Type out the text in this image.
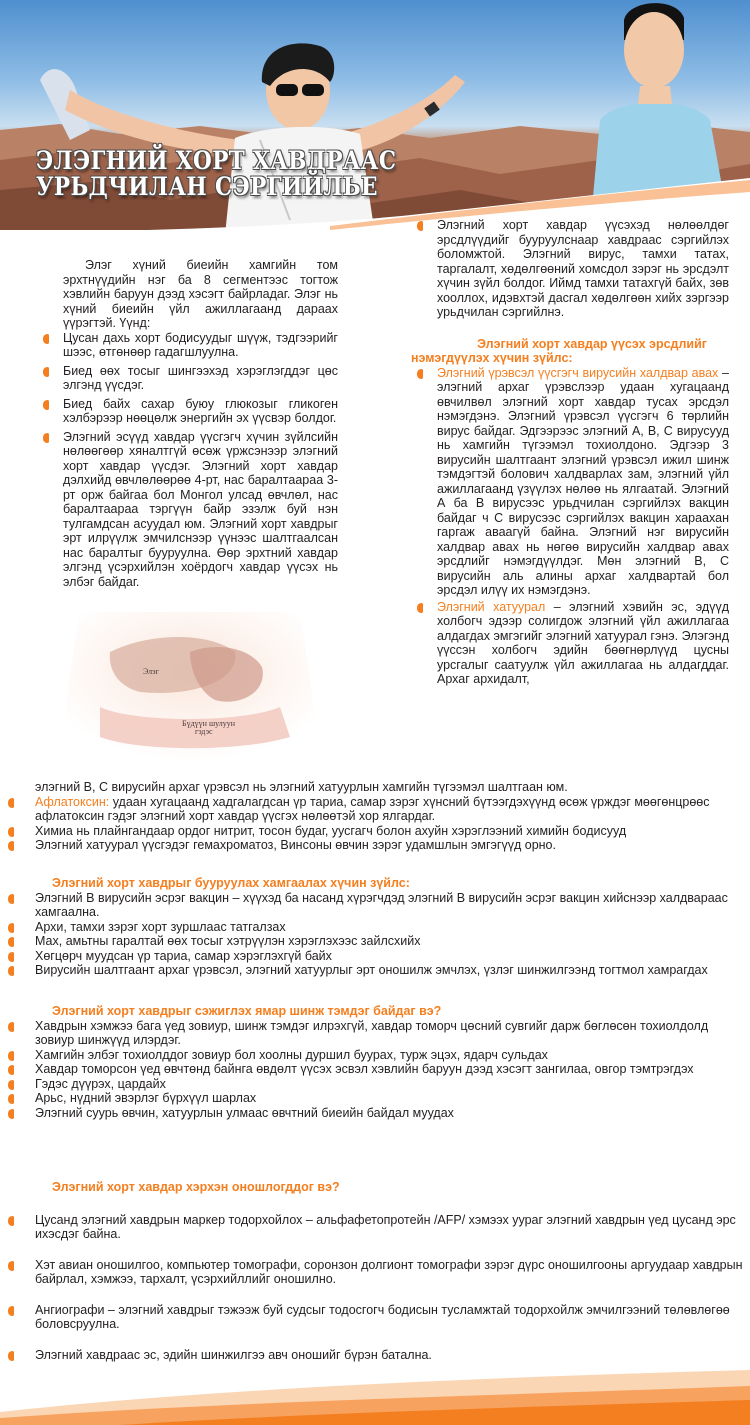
ЭЛЭГНИЙ ХОРТ ХАВДРААС
УРЬДЧИЛАН СЭРГИЙЛЬЕ

Элэг хүний биеийн хамгийн том эрхтнүүдийн нэг ба 8 сегментээс тогтож хэвлийн баруун дээд хэсэгт байрладаг. Элэг нь хүний биеийн үйл ажиллагаанд дараах үүрэгтэй. Үүнд:

Цусан дахь хорт бодисуудыг шүүж, тэдгээрийг шээс, өтгөнөөр гадагшлуулна.
Биед өөх тосыг шингээхэд хэрэглэгддэг цөс элгэнд үүсдэг.
Биед байх сахар буюу глюкозыг гликоген хэлбэрээр нөөцөлж энергийн эх үүсвэр болдог.
Элэгний эсүүд хавдар үүсгэгч хүчин зүйлсийн нөлөөгөөр хяналтгүй өсөж үржсэнээр элэгний хорт хавдар үүсдэг. Элэгний хорт хавдар дэлхийд өвчлөлөөрөө 4-рт, нас баралтаараа 3-рт орж байгаа бол Монгол улсад өвчлөл, нас баралтаараа тэргүүн байр эзэлж буй нэн тулгамдсан асуудал юм. Элэгний хорт хавдрыг эрт илрүүлж эмчилснээр үүнээс шалтгаалсан нас баралтыг бууруулна. Өөр эрхтний хавдар элгэнд үсэрхийлэн хоёрдогч хавдар үүсэх нь элбэг байдаг.
Элэг
Бүдүүн шулуун
гэдэс
Элэгний хорт хавдар үүсэхэд нөлөөлдөг эрсдлүүдийг бууруулснаар хавдраас сэргийлэх боломжтой. Элэгний вирус, тамхи татах, таргалалт, хөдөлгөөний хомсдол зэрэг нь эрсдэлт хүчин зүйл болдог. Иймд тамхи татахгүй байх, зөв хооллох, идэвхтэй дасгал хөдөлгөөн хийх зэргээр урьдчилан сэргийлнэ.
Элэгний хорт хавдар үүсэх эрсдлийг
нэмэгдүүлэх хүчин зүйлс:
Элэгний үрэвсэл үүсгэгч вирусийн халдвар авах – элэгний архаг үрэвслээр удаан хугацаанд өвчилвөл элэгний хорт хавдар тусах эрсдэл нэмэгдэнэ. Элэгний үрэвсэл үүсгэгч 6 төрлийн вирус байдаг. Эдгээрээс элэгний А, В, С вирусууд нь хамгийн түгээмэл тохиолдоно. Эдгээр 3 вирусийн шалтгаант элэгний үрэвсэл ижил шинж тэмдэгтэй болович халдварлах зам, элэгний үйл ажиллагаанд үзүүлэх нөлөө нь ялгаатай. Элэгний А ба В вирусээс урьдчилан сэргийлэх вакцин байдаг ч С вирусээс сэргийлэх вакцин хараахан гаргаж аваагүй байна. Элэгний нэг вирусийн халдвар авах нь нөгөө вирусийн халдвар авах эрсдлийг нэмэгдүүлдэг. Мөн элэгний В, С вирусийн аль алины архаг халдвартай бол эрсдэл илүү их нэмэгдэнэ.
Элэгний хатуурал – элэгний хэвийн эс, эдүүд холбогч эдээр солигдож элэгний үйл ажиллагаа алдагдах эмгэгийг элэгний хатуурал гэнэ. Элэгэнд үүссэн холбогч эдийн бөөгнөрлүүд цусны урсгалыг саатуулж үйл ажиллагаа нь алдагддаг. Архаг архидалт,

элэгний В, С вирусийн архаг үрэвсэл нь элэгний хатуурлын хамгийн түгээмэл шалтгаан юм.

Афлатоксин: удаан хугацаанд хадгалагдсан үр тариа, самар зэрэг хүнсний бүтээгдэхүүнд өсөж үрждэг мөөгөнцрөөс афлатоксин гэдэг элэгний хорт хавдар үүсгэх нөлөөтэй хор ялгардаг.
Химиа нь плайнгандаар ордог нитрит, тосон будаг, уусгагч болон ахуйн хэрэглээний химийн бодисууд
Элэгний хатуурал үүсгэдэг гемахроматоз, Винсоны өвчин зэрэг удамшлын эмгэгүүд орно.
Элэгний хорт хавдрыг бууруулах хамгаалах хүчин зүйлс:
Элэгний В вирусийн эсрэг вакцин – хүүхэд ба насанд хүрэгчдэд элэгний В вирусийн эсрэг вакцин хийснээр халдвараас хамгаална.
Архи, тамхи зэрэг хорт зуршлаас татгалзах
Мах, амьтны гаралтай өөх тосыг хэтрүүлэн хэрэглэхээс зайлсхийх
Хөгцөрч муудсан үр тариа, самар хэрэглэхгүй байх
Вирусийн шалтгаант архаг үрэвсэл, элэгний хатуурлыг эрт оношилж эмчлэх, үзлэг шинжилгээнд тогтмол хамрагдах
Элэгний хорт хавдрыг сэжиглэх ямар шинж тэмдэг байдаг вэ?
Хавдрын хэмжээ бага үед зовиур, шинж тэмдэг илрэхгүй, хавдар томорч цөсний сувгийг дарж бөглөсөн тохиолдолд зовиур шинжүүд илэрдэг.
Хамгийн элбэг тохиолддог зовиур бол хоолны дуршил буурах, турж эцэх, ядарч сульдах
Хавдар томорсон үед өвчтөнд байнга өвдөлт үүсэх эсвэл хэвлийн баруун дээд хэсэгт зангилаа, овгор тэмтрэгдэх
Гэдэс дүүрэх, цардайх
Арьс, нүдний эвэрлэг бүрхүүл шарлах
Элэгний суурь өвчин, хатуурлын улмаас өвчтний биеийн байдал муудах
Элэгний хорт хавдар хэрхэн оношлогддог вэ?
Цусанд элэгний хавдрын маркер тодорхойлох – альфафетопротейн /AFP/ хэмээх уураг элэгний хавдрын үед цусанд эрс ихэсдэг байна.
Хэт авиан оношилгоо, компьютер томографи, соронзон долгионт томографи зэрэг дүрс оношилгооны аргуудаар хавдрын байрлал, хэмжээ, тархалт, үсэрхийллийг оношилно.
Ангиографи – элэгний хавдрыг тэжээж буй судсыг тодосгогч бодисын тусламжтай тодорхойлж эмчилгээний төлөвлөгөө боловсруулна.
Элэгний хавдраас эс, эдийн шинжилгээ авч оношийг бүрэн батална.
